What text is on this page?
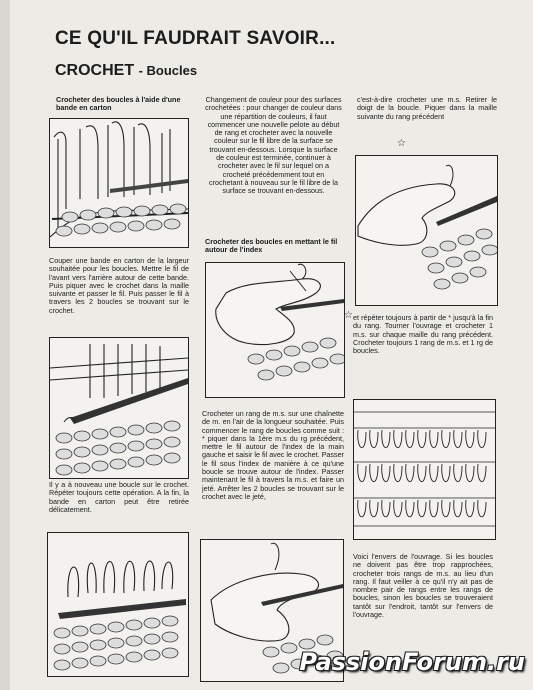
CE QU'IL FAUDRAIT SAVOIR...
CROCHET - Boucles
Crocheter des boucles à l'aide d'une bande en carton
Couper une bande en carton de la largeur souhaitée pour les boucles. Mettre le fil de l'avant vers l'arrière autour de cette bande. Puis piquer avec le crochet dans la maille suivante et passer le fil. Puis passer le fil à travers les 2 boucles se trouvant sur le crochet.
Il y a à nouveau une boucle sur le crochet. Répéter toujours cette opération. A la fin, la bande en carton peut être retirée délicatement.
Changement de couleur pour des surfaces crochetées : pour changer de couleur dans une répartition de couleurs, il faut commencer une nouvelle pelote au début de rang et crocheter avec la nouvelle couleur sur le fil libre de la surface se trouvant en-dessous. Lorsque la surface de couleur est terminée, continuer à crocheter avec le fil sur lequel on a crocheté précédemment tout en crochetant à nouveau sur le fil libre de la surface se trouvant en-dessous.
Crocheter des boucles en mettant le fil autour de l'index
Crocheter un rang de m.s. sur une chaînette de m. en l'air de la longueur souhaitée. Puis commencer le rang de boucles comme suit : * piquer dans la 1ère m.s du rg précédent, mettre le fil autour de l'index de la main gauche et saisir le fil avec le crochet. Passer le fil sous l'index de manière à ce qu'une boucle se trouve autour de l'index. Passer maintenant le fil à travers la m.s. et faire un jeté. Arrêter les 2 boucles se trouvant sur le crochet avec le jeté,
c'est-à-dire crocheter une m.s. Retirer le doigt de la boucle. Piquer dans la maille suivante du rang précédent
☆
☆ et répéter toujours à partir de * jusqu'à la fin du rang. Tourner l'ouvrage et crocheter 1 m.s. sur chaque maille du rang précédent. Crocheter toujours 1 rang de m.s. et 1 rg de boucles.
Voici l'envers de l'ouvrage. Si les boucles ne doivent pas être trop rapprochées, crocheter trois rangs de m.s. au lieu d'un rang. Il faut veiller à ce qu'il n'y ait pas de nombre pair de rangs entre les rangs de boucles, sinon les boucles se trouveraient tantôt sur l'endroit, tantôt sur l'envers de l'ouvrage.
PassionForum.ru
